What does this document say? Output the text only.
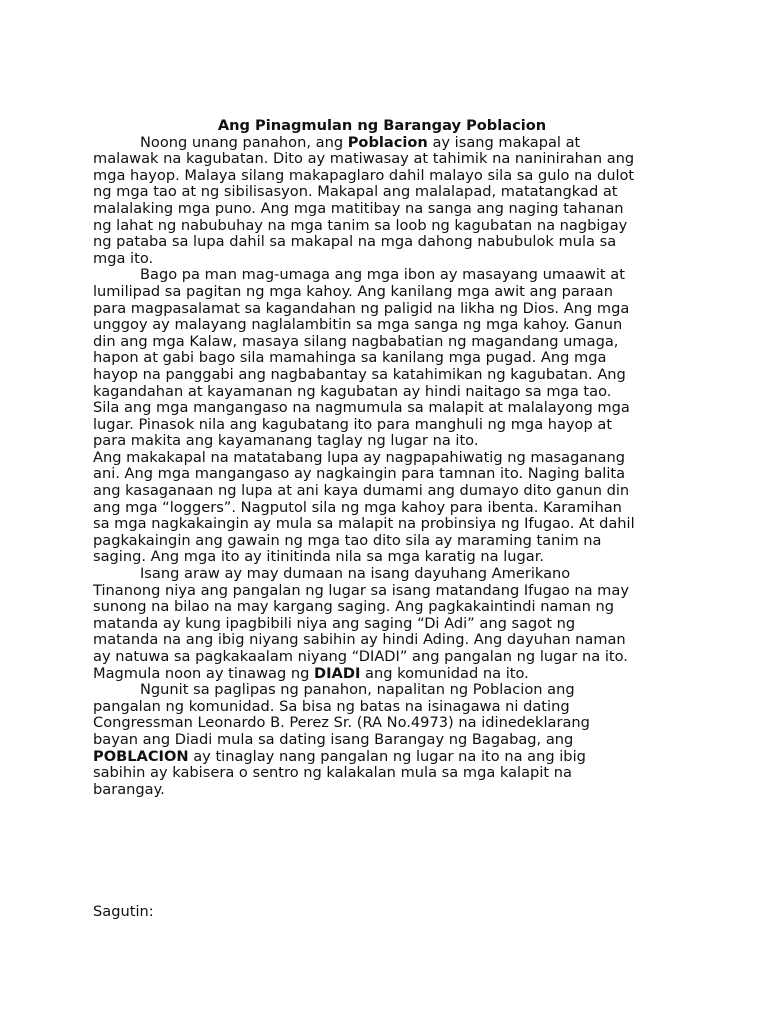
Ang Pinagmulan ng Barangay Poblacion

Noong unang panahon, ang Poblacion ay isang makapal at
malawak na kagubatan. Dito ay matiwasay at tahimik na naninirahan ang
mga hayop. Malaya silang makapaglaro dahil malayo sila sa gulo na dulot
ng mga tao at ng sibilisasyon. Makapal ang malalapad, matatangkad at
malalaking mga puno. Ang mga matitibay na sanga ang naging tahanan
ng lahat ng nabubuhay na mga tanim sa loob ng kagubatan na nagbigay
ng pataba sa lupa dahil sa makapal na mga dahong nabubulok mula sa
mga ito.
Bago pa man mag-umaga ang mga ibon ay masayang umaawit at
lumilipad sa pagitan ng mga kahoy. Ang kanilang mga awit ang paraan
para magpasalamat sa kagandahan ng paligid na likha ng Dios. Ang mga
unggoy ay malayang naglalambitin sa mga sanga ng mga kahoy. Ganun
din ang mga Kalaw, masaya silang nagbabatian ng magandang umaga,
hapon at gabi bago sila mamahinga sa kanilang mga pugad. Ang mga
hayop na panggabi ang nagbabantay sa katahimikan ng kagubatan. Ang
kagandahan at kayamanan ng kagubatan ay hindi naitago sa mga tao.
Sila ang mga mangangaso na nagmumula sa malapit at malalayong mga
lugar. Pinasok nila ang kagubatang ito para manghuli ng mga hayop at
para makita ang kayamanang taglay ng lugar na ito.
Ang makakapal na matatabang lupa ay nagpapahiwatig ng masaganang
ani. Ang mga mangangaso ay nagkaingin para tamnan ito. Naging balita
ang kasaganaan ng lupa at ani kaya dumami ang dumayo dito ganun din
ang mga “loggers”. Nagputol sila ng mga kahoy para ibenta. Karamihan
sa mga nagkakaingin ay mula sa malapit na probinsiya ng Ifugao. At dahil
pagkakaingin ang gawain ng mga tao dito sila ay maraming tanim na
saging. Ang mga ito ay itinitinda nila sa mga karatig na lugar.
Isang araw ay may dumaan na isang dayuhang Amerikano
Tinanong niya ang pangalan ng lugar sa isang matandang Ifugao na may
sunong na bilao na may kargang saging. Ang pagkakaintindi naman ng
matanda ay kung ipagbibili niya ang saging “Di Adi” ang sagot ng
matanda na ang ibig niyang sabihin ay hindi Ading. Ang dayuhan naman
ay natuwa sa pagkakaalam niyang “DIADI” ang pangalan ng lugar na ito.
Magmula noon ay tinawag ng DIADI ang komunidad na ito.
Ngunit sa paglipas ng panahon, napalitan ng Poblacion ang
pangalan ng komunidad. Sa bisa ng batas na isinagawa ni dating
Congressman Leonardo B. Perez Sr. (RA No.4973) na idinedeklarang
bayan ang Diadi mula sa dating isang Barangay ng Bagabag, ang
POBLACION ay tinaglay nang pangalan ng lugar na ito na ang ibig
sabihin ay kabisera o sentro ng kalakalan mula sa mga kalapit na
barangay.
Sagutin:
